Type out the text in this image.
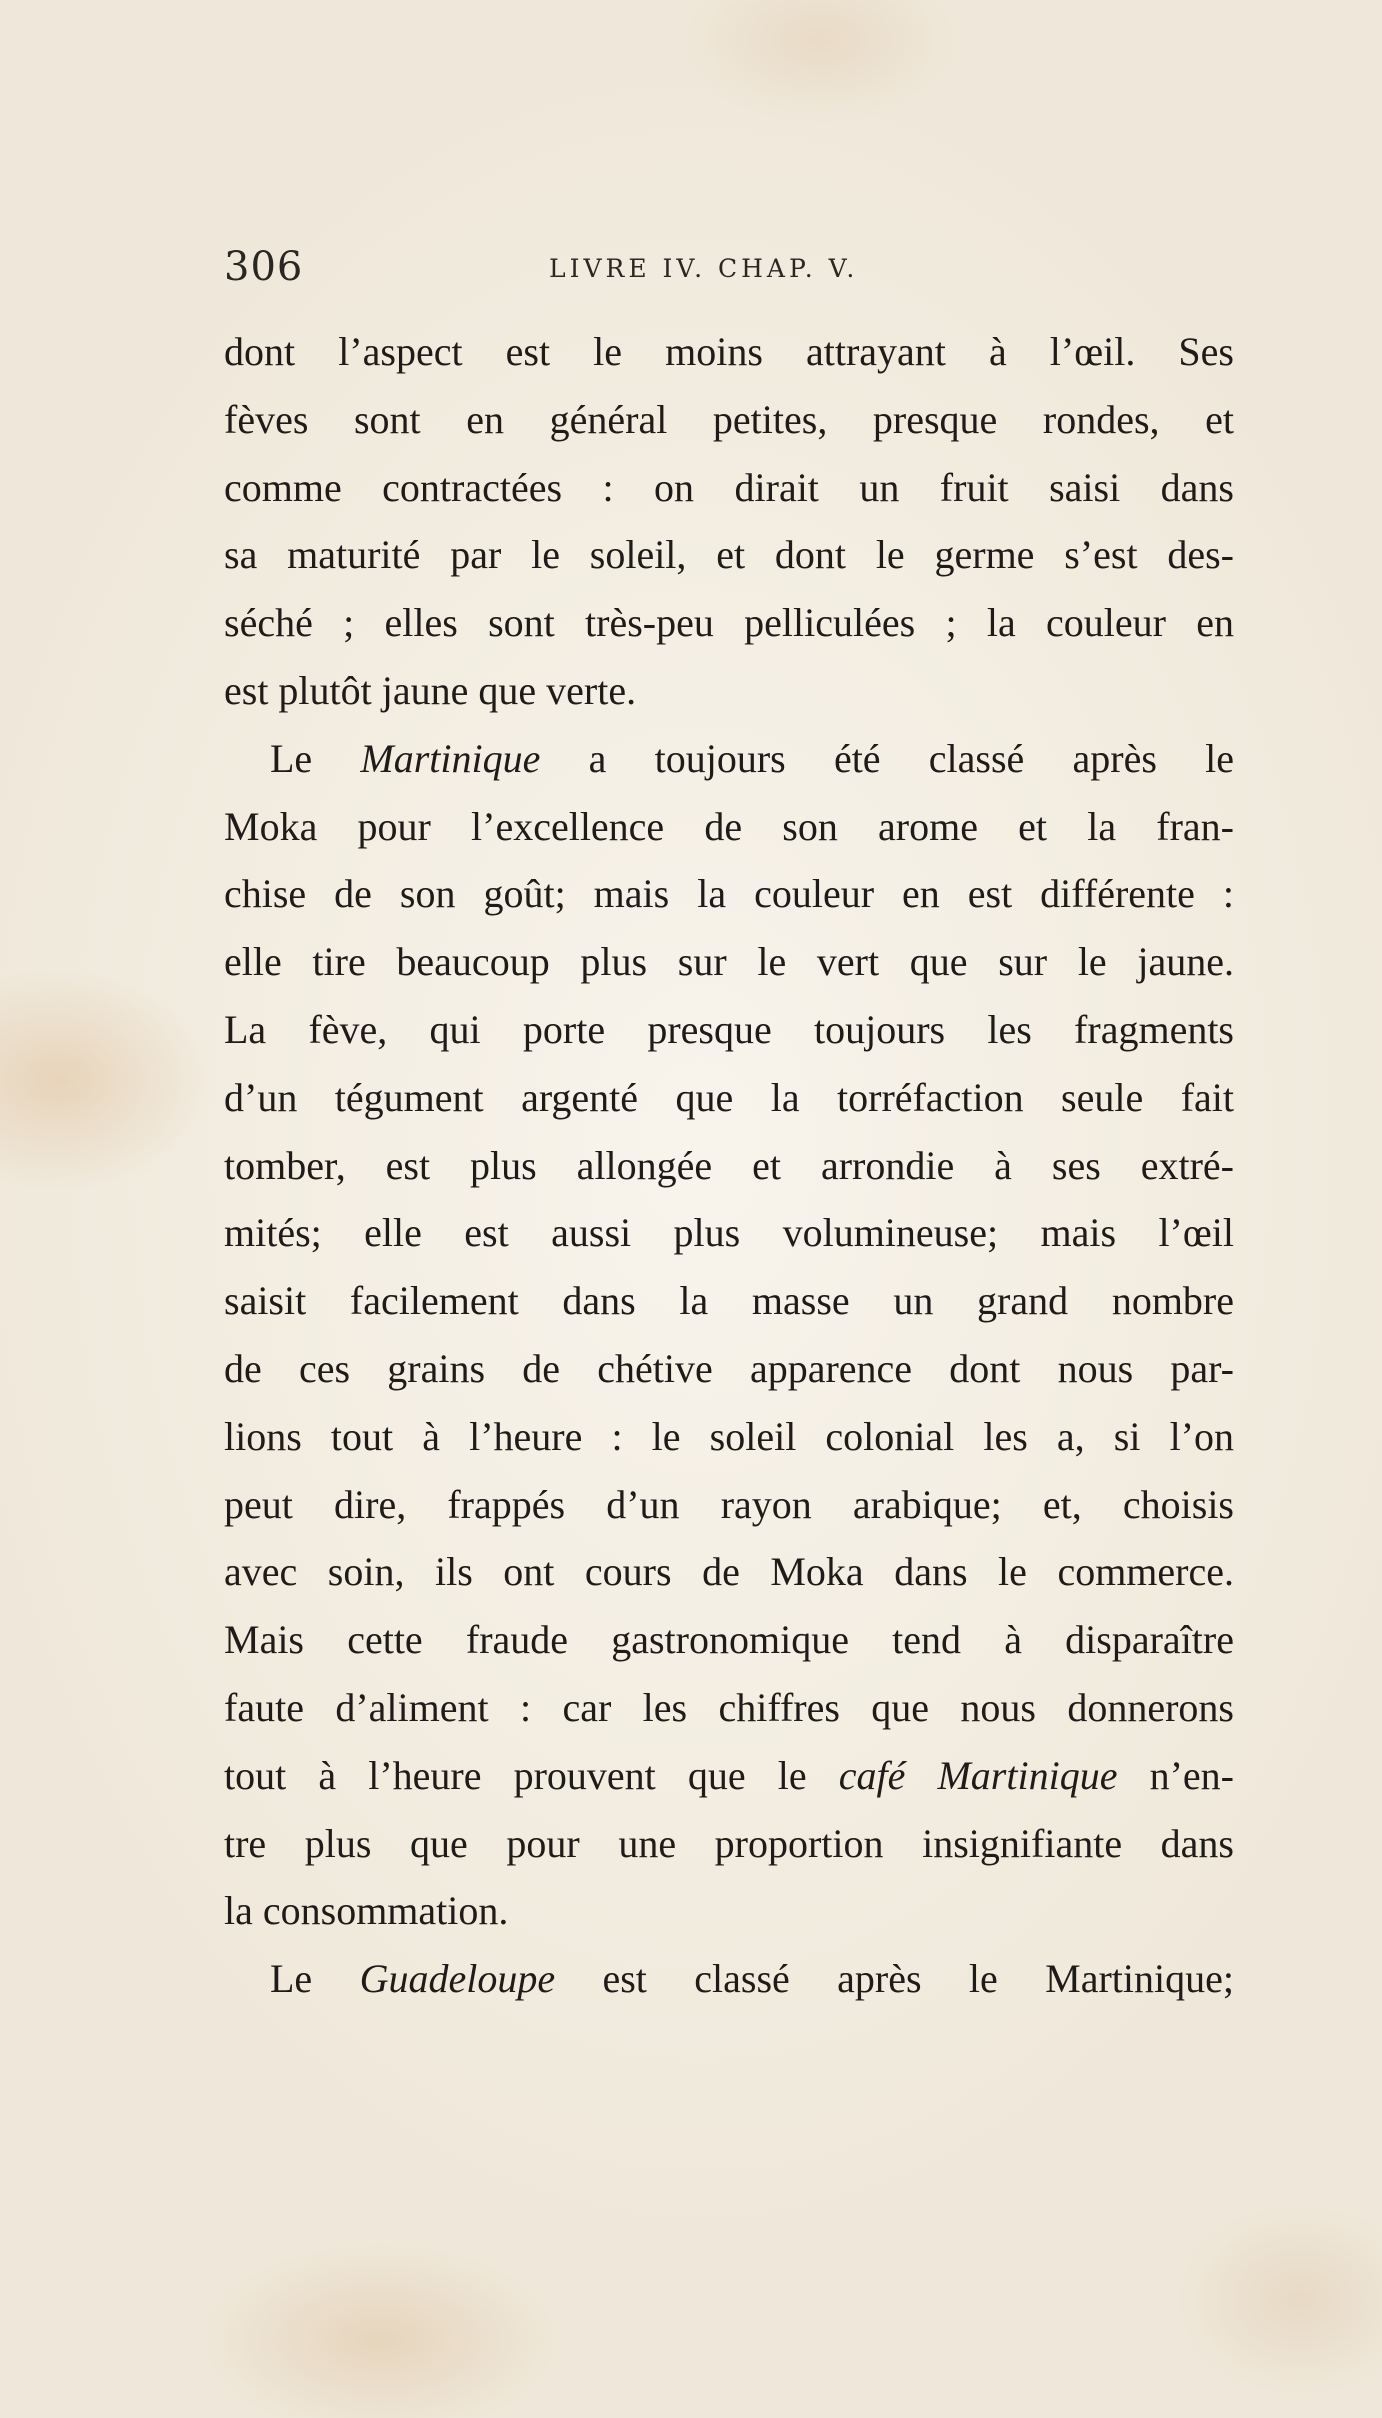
306	LIVRE IV. CHAP. V.
dont l’aspect est le moins attrayant à l’œil. Ses
fèves sont en général petites, presque rondes, et
comme contractées : on dirait un fruit saisi dans
sa maturité par le soleil, et dont le germe s’est des-
séché ; elles sont très-peu pelliculées ; la couleur en
est plutôt jaune que verte.
Le Martinique a toujours été classé après le
Moka pour l’excellence de son arome et la fran-
chise de son goût; mais la couleur en est différente :
elle tire beaucoup plus sur le vert que sur le jaune.
La fève, qui porte presque toujours les fragments
d’un tégument argenté que la torréfaction seule fait
tomber, est plus allongée et arrondie à ses extré-
mités; elle est aussi plus volumineuse; mais l’œil
saisit facilement dans la masse un grand nombre
de ces grains de chétive apparence dont nous par-
lions tout à l’heure : le soleil colonial les a, si l’on
peut dire, frappés d’un rayon arabique; et, choisis
avec soin, ils ont cours de Moka dans le commerce.
Mais cette fraude gastronomique tend à disparaître
faute d’aliment : car les chiffres que nous donnerons
tout à l’heure prouvent que le café Martinique n’en-
tre plus que pour une proportion insignifiante dans
la consommation.
Le Guadeloupe est classé après le Martinique;
